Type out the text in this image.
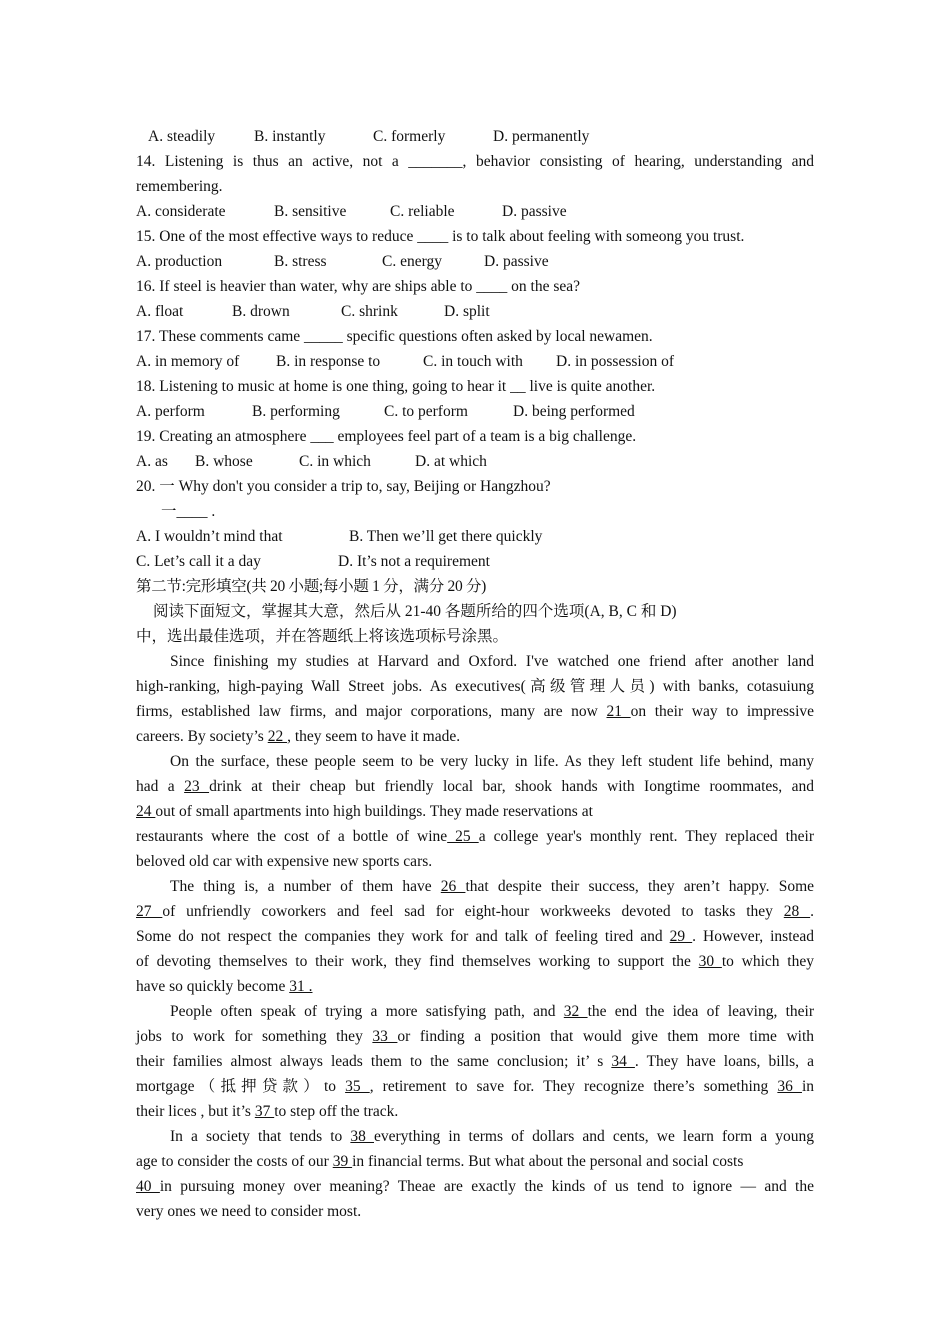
A. steadily	B. instantly	C. formerly	D. permanently
14. Listening is thus an active, not a _______, behavior consisting of hearing, understanding and
remembering.
A. considerate	B. sensitive	C. reliable	D. passive
15. One of the most effective ways to reduce ____ is to talk about feeling with someong you trust.
A. production	B. stress	C. energy	D. passive
16. If steel is heavier than water, why are ships able to ____ on the sea?
A. float	B. drown	C. shrink	D. split
17. These comments came _____ specific questions often asked by local newamen.
A. in memory of B. in response to	C. in touch with D. in possession of
18. Listening to music at home is one thing, going to hear it __ live is quite another.
A. perform	B. performing	C. to perform	D. being performed
19. Creating an atmosphere ___ employees feel part of a team is a big challenge.
A. as B. whose	C. in which	D. at which
20. 一 Why don't you consider a trip to, say, Beijing or Hangzhou?
一____ .
A. I wouldn’t mind that	B. Then we’ll get there quickly
C. Let’s call it a day	D. It’s not a requirement
第二节:完形填空(共 20 小题;每小题 1 分，满分 20 分)
阅读下面短文，掌握其大意，然后从 21-40 各题所给的四个选项(A, B, C 和 D)
中，选出最佳选项，并在答题纸上将该选项标号涂黑。
Since finishing my studies at Harvard and Oxford. I've watched one friend after another land
high-ranking, high-paying Wall Street jobs. As executives(高级管理人员) with banks, cotasuiung
firms, established law firms, and major corporations, many are now 21 on their way to impressive
careers. By society’s 22 , they seem to have it made.
On the surface, these people seem to be very lucky in life. As they left student life behind, many
had a 23 drink at their cheap but friendly local bar, shook hands with Iongtime roommates, and
24 out of small apartments into high buildings. They made reservations at
restaurants where the cost of a bottle of wine 25 a college year's monthly rent. They replaced their
beloved old car with expensive new sports cars.
The thing is, a number of them have 26 that despite their success, they aren’t happy. Some
27 of unfriendly coworkers and feel sad for eight-hour workweeks devoted to tasks they 28 .
Some do not respect the companies they work for and talk of feeling tired and 29 . However, instead
of devoting themselves to their work, they find themselves working to support the 30 to which they
have so quickly become 31 .
People often speak of trying a more satisfying path, and 32 the end the idea of leaving, their
jobs to work for something they 33 or finding a position that would give them more time with
their families almost always leads them to the same conclusion; it’ s 34 . They have loans, bills, a
mortgage（抵押贷款）to 35 , retirement to save for. They recognize there’s something 36 in
their lices , but it’s 37 to step off the track.
In a society that tends to 38 everything in terms of dollars and cents, we learn form a young
age to consider the costs of our 39 in financial terms. But what about the personal and social costs
40 in pursuing money over meaning? Theae are exactly the kinds of us tend to ignore — and the
very ones we need to consider most.
